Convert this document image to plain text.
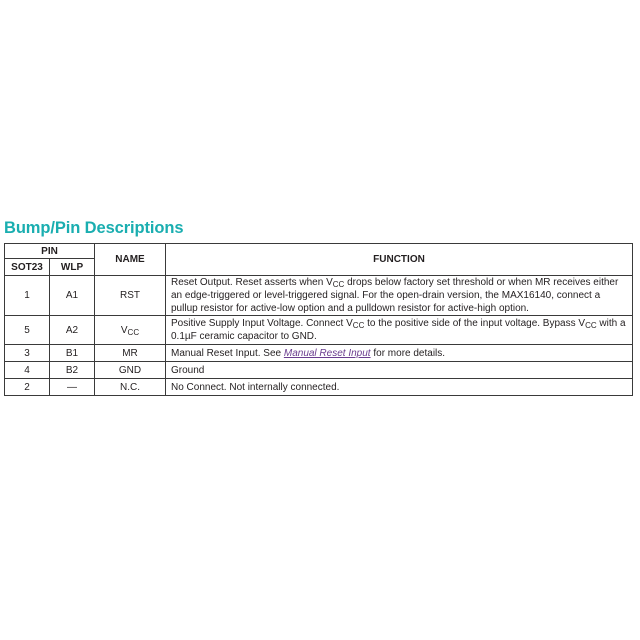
Bump/Pin Descriptions
PIN		NAME	FUNCTION
SOT23	WLP		
1	A1	RST	Reset Output. Reset asserts when $V_{CC}$ drops below factory set threshold or when MR receives either an edge-triggered or level-triggered signal. For the open-drain version, the MAX16140, connect a pullup resistor for active-low option and a pulldown resistor for active-high option.
5	A2	$V_{CC}$	Positive Supply Input Voltage. Connect $V_{CC}$ to the positive side of the input voltage. Bypass $V_{CC}$ with a 0.1µF ceramic capacitor to GND.
3	B1	MR	Manual Reset Input. See Manual Reset Input for more details.
4	B2	GND	Ground
2	—	N.C.	No Connect. Not internally connected.
